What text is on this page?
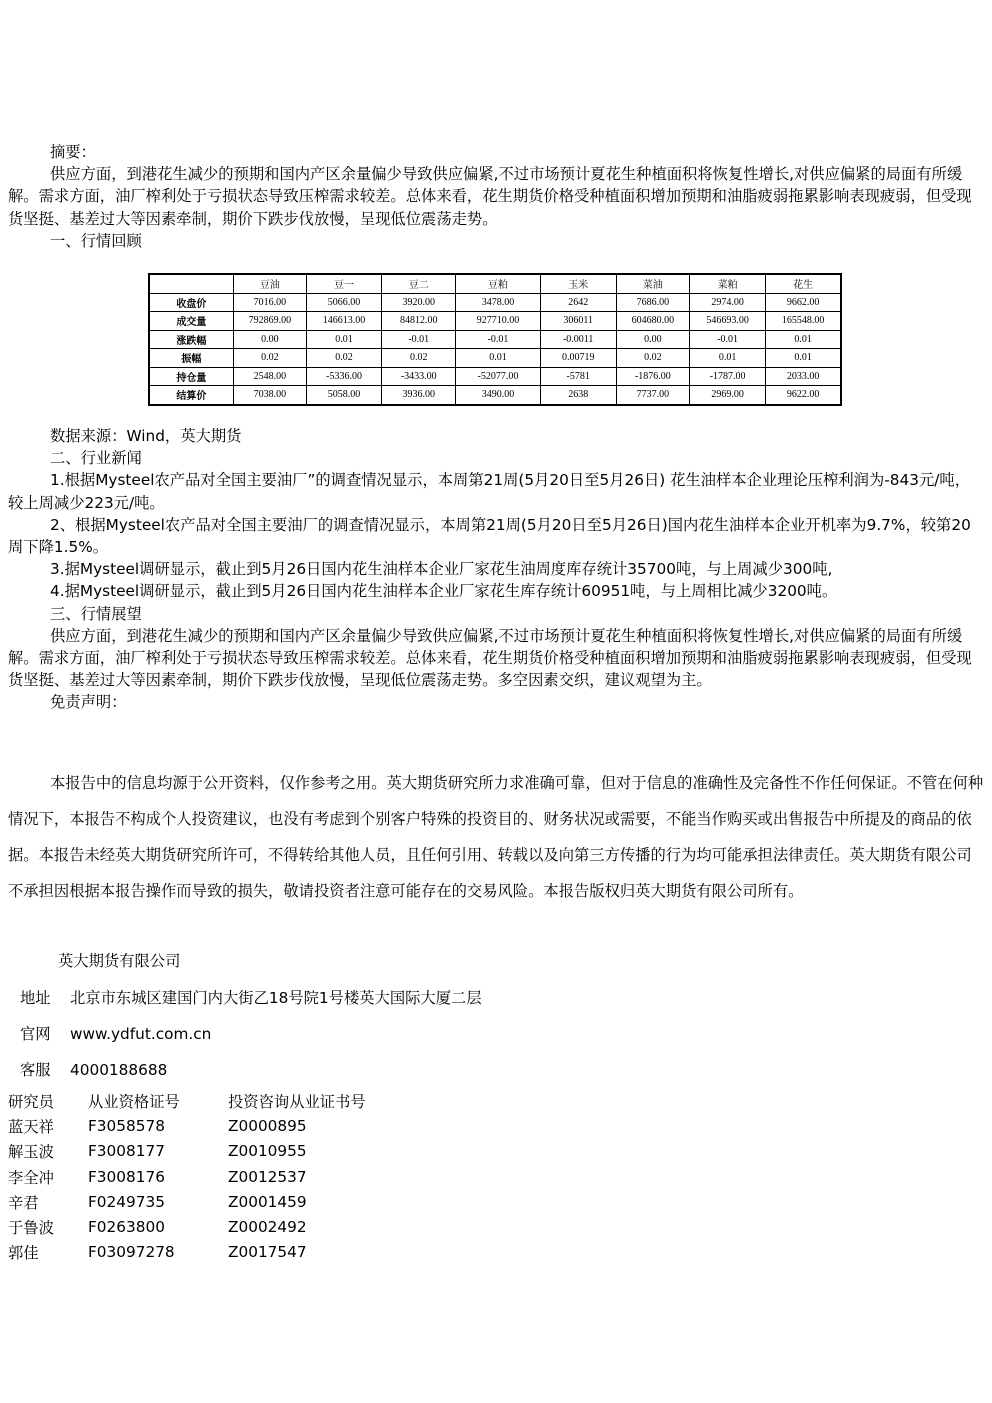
摘要：

供应方面，到港花生减少的预期和国内产区余量偏少导致供应偏紧,不过市场预计夏花生种植面积将恢复性增长,对供应偏紧的局面有所缓解。需求方面，油厂榨利处于亏损状态导致压榨需求较差。总体来看，花生期货价格受种植面积增加预期和油脂疲弱拖累影响表现疲弱，但受现货坚挺、基差过大等因素牵制，期价下跌步伐放慢，呈现低位震荡走势。

一、行情回顾

	豆油	豆一	豆二	豆粕	玉米	菜油	菜粕	花生
收盘价	7016.00	5066.00	3920.00	3478.00	2642	7686.00	2974.00	9662.00
成交量	792869.00	146613.00	84812.00	927710.00	306011	604680.00	546693.00	165548.00
涨跌幅	0.00	0.01	-0.01	-0.01	-0.0011	0.00	-0.01	0.01
振幅	0.02	0.02	0.02	0.01	0.00719	0.02	0.01	0.01
持仓量	2548.00	-5336.00	-3433.00	-52077.00	-5781	-1876.00	-1787.00	2033.00
结算价	7038.00	5058.00	3936.00	3490.00	2638	7737.00	2969.00	9622.00

数据来源：Wind，英大期货

二、行业新闻

1.根据Mysteel农产品对全国主要油厂”的调查情况显示，本周第21周(5月20日至5月26日) 花生油样本企业理论压榨利润为-843元/吨，较上周减少223元/吨。

2、根据Mysteel农产品对全国主要油厂的调查情况显示，本周第21周(5月20日至5月26日)国内花生油样本企业开机率为9.7%，较第20周下降1.5%。

3.据Mysteel调研显示，截止到5月26日国内花生油样本企业厂家花生油周度库存统计35700吨，与上周减少300吨,

4.据Mysteel调研显示，截止到5月26日国内花生油样本企业厂家花生库存统计60951吨，与上周相比减少3200吨。

三、行情展望

供应方面，到港花生减少的预期和国内产区余量偏少导致供应偏紧,不过市场预计夏花生种植面积将恢复性增长,对供应偏紧的局面有所缓解。需求方面，油厂榨利处于亏损状态导致压榨需求较差。总体来看，花生期货价格受种植面积增加预期和油脂疲弱拖累影响表现疲弱，但受现货坚挺、基差过大等因素牵制，期价下跌步伐放慢，呈现低位震荡走势。多空因素交织，建议观望为主。

免责声明：

本报告中的信息均源于公开资料，仅作参考之用。英大期货研究所力求准确可靠，但对于信息的准确性及完备性不作任何保证。不管在何种情况下，本报告不构成个人投资建议，也没有考虑到个别客户特殊的投资目的、财务状况或需要，不能当作购买或出售报告中所提及的商品的依据。本报告未经英大期货研究所许可，不得转给其他人员，且任何引用、转载以及向第三方传播的行为均可能承担法律责任。英大期货有限公司不承担因根据本报告操作而导致的损失，敬请投资者注意可能存在的交易风险。本报告版权归英大期货有限公司所有。

英大期货有限公司
地址 北京市东城区建国门内大街乙18号院1号楼英大国际大厦二层
官网 www.ydfut.com.cn
客服 4000188688
研究员	从业资格证号	投资咨询从业证书号
蓝天祥	F3058578	Z0000895
解玉波	F3008177	Z0010955
李全冲	F3008176	Z0012537
辛君	F0249735	Z0001459
于鲁波	F0263800	Z0002492
郭佳	F03097278	Z0017547
